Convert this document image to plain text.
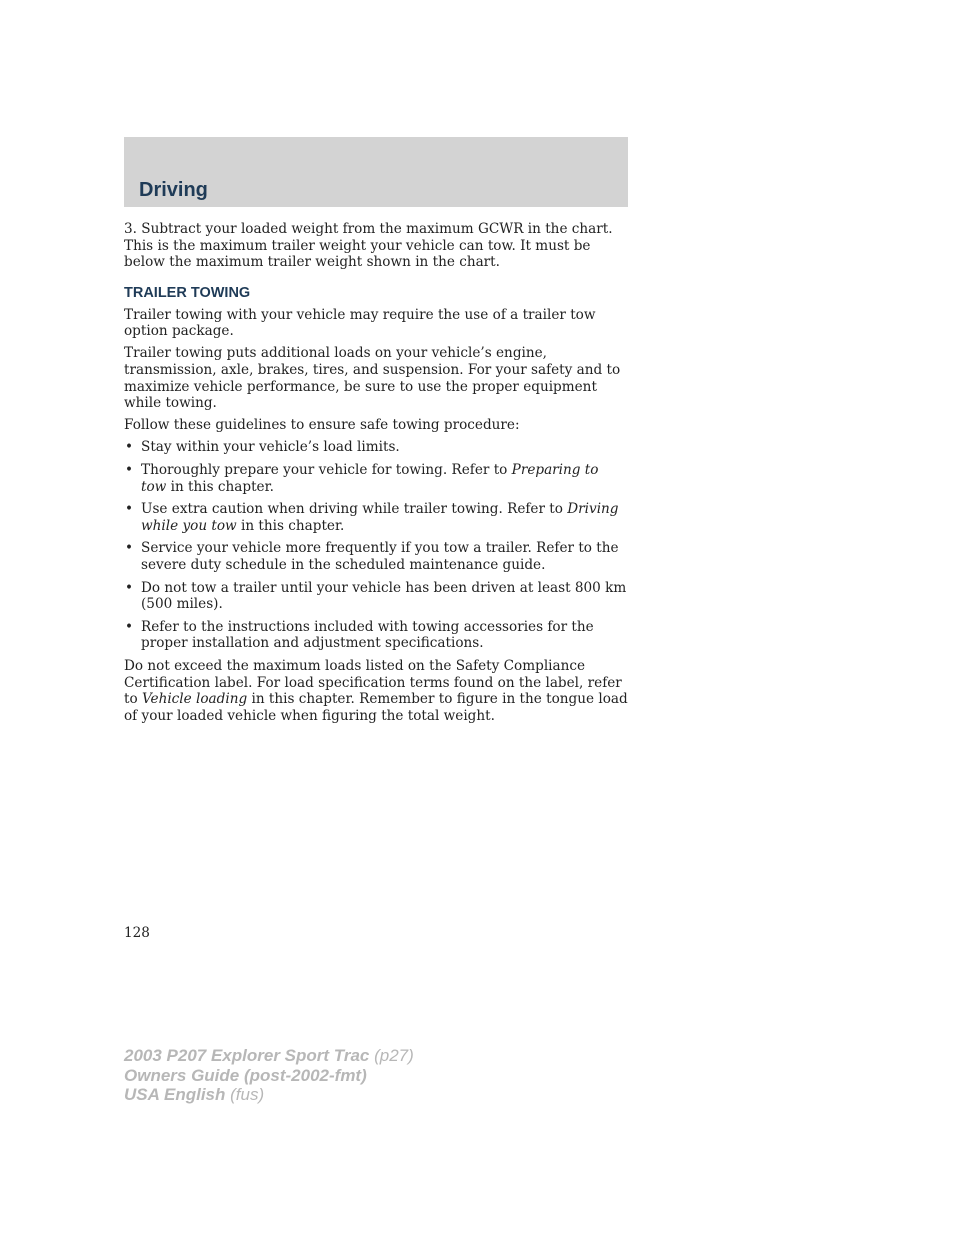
Driving

3. Subtract your loaded weight from the maximum GCWR in the chart. This is the maximum trailer weight your vehicle can tow. It must be below the maximum trailer weight shown in the chart.

TRAILER TOWING

Trailer towing with your vehicle may require the use of a trailer tow option package.

Trailer towing puts additional loads on your vehicle’s engine, transmission, axle, brakes, tires, and suspension. For your safety and to maximize vehicle performance, be sure to use the proper equipment while towing.

Follow these guidelines to ensure safe towing procedure:

• Stay within your vehicle’s load limits.
• Thoroughly prepare your vehicle for towing. Refer to Preparing to tow in this chapter.
• Use extra caution when driving while trailer towing. Refer to Driving while you tow in this chapter.
• Service your vehicle more frequently if you tow a trailer. Refer to the severe duty schedule in the scheduled maintenance guide.
• Do not tow a trailer until your vehicle has been driven at least 800 km (500 miles).
• Refer to the instructions included with towing accessories for the proper installation and adjustment specifications.

Do not exceed the maximum loads listed on the Safety Compliance Certification label. For load specification terms found on the label, refer to Vehicle loading in this chapter. Remember to figure in the tongue load of your loaded vehicle when figuring the total weight.

128
2003 P207 Explorer Sport Trac (p27)
Owners Guide (post-2002-fmt)
USA English (fus)
